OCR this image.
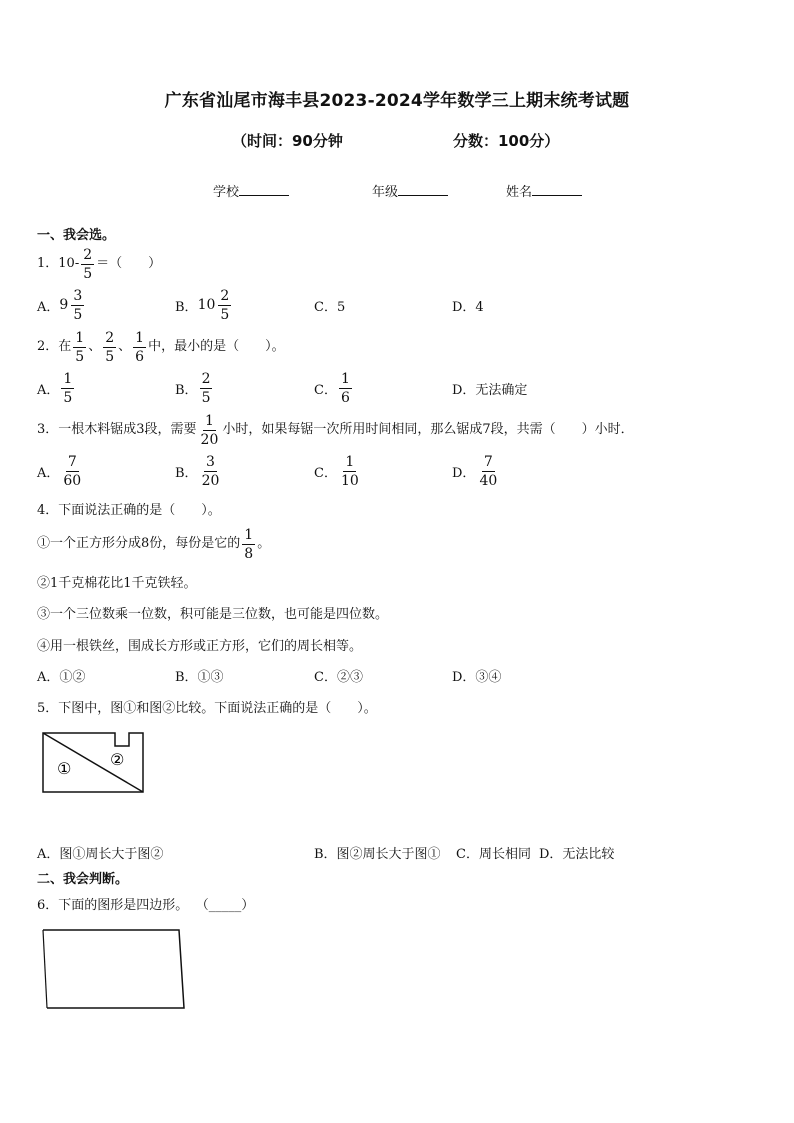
广东省汕尾市海丰县2023-2024学年数学三上期末统考试题
（时间：90分钟	分数：100分）
学校	年级	姓名
一、我会选。
1．$10- \frac{2}{5}$ ＝（　　）
A． $9 \frac{3}{5}$	B． $10 \frac{2}{5}$	C．5	D．4
2．在 $\frac{1}{5}$ 、 $\frac{2}{5}$ 、 $\frac{1}{6}$ 中，最小的是（　　）。
A． $\frac{1}{5}$	B． $\frac{2}{5}$	C． $\frac{1}{6}$	D．无法确定
3．一根木料锯成3段，需要 $\frac{1}{20}$ 小时，如果每锯一次所用时间相同，那么锯成7段，共需（　　）小时．
A． $\frac{7}{60}$	B． $\frac{3}{20}$	C． $\frac{1}{10}$	D． $\frac{7}{40}$
4．下面说法正确的是（　　）。
①一个正方形分成8份，每份是它的 $\frac{1}{8}$ 。
②1千克棉花比1千克铁轻。
③一个三位数乘一位数，积可能是三位数，也可能是四位数。
④用一根铁丝，围成长方形或正方形，它们的周长相等。
A．①②	B．①③	C．②③	D．③④
5．下图中，图①和图②比较。下面说法正确的是（　　）。
① ②
A．图①周长大于图②	B．图②周长大于图① C．周长相同 D．无法比较
二、我会判断。
6．下面的图形是四边形。 （_____）
